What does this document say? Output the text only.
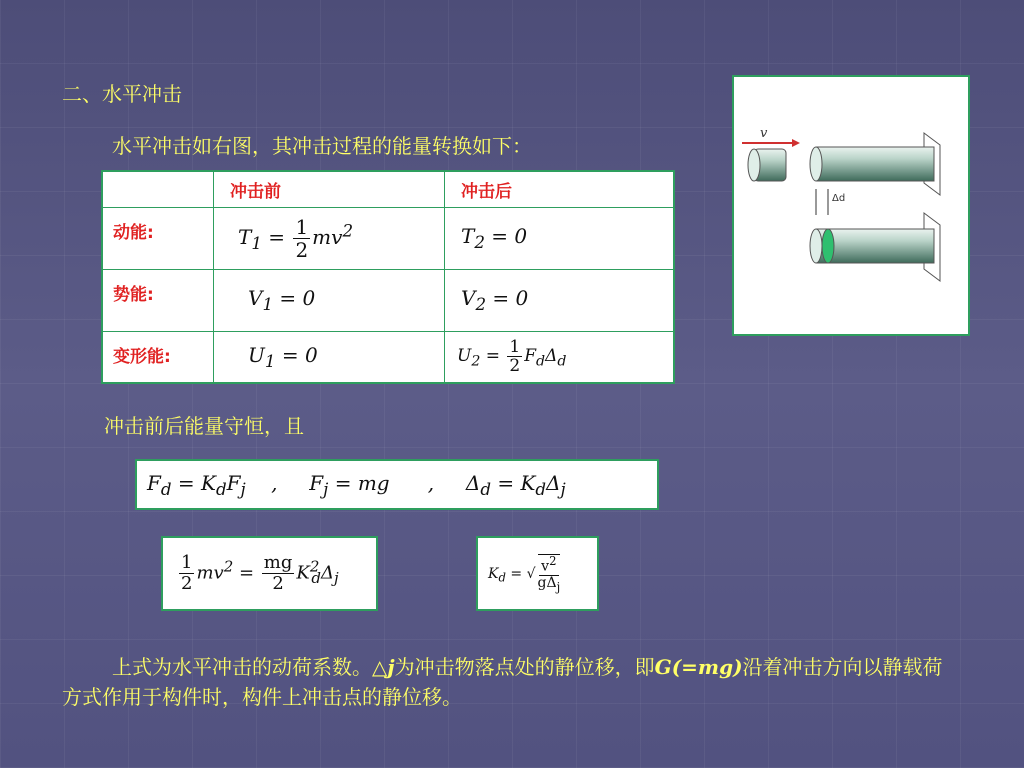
二、水平冲击
水平冲击如右图，其冲击过程的能量转换如下：
	冲击前	冲击后
动能:	$T_1 = \frac{1}{2} mv^2$	$T_2 = 0$
势能:	$V_1 = 0$	$V_2 = 0$
变形能:	$U_1 = 0$	$U_2 = \frac{1}{2} F_d\Delta_d$
v
Δd
冲击前后能量守恒，且
$F_d = K_dF_j$    ,     $F_j$ = mg      ,     $\Delta_d = K_d\Delta_j$
$\frac{1}{2} mv^2 = \frac{mg}{2} K^2_d\Delta_j$	$K_d$ = √ $\frac{v^2}{g\Delta_j}$
上式为水平冲击的动荷系数。△j为冲击物落点处的静位移，即G(=mg)沿着冲击方向以静载荷方式作用于构件时，构件上冲击点的静位移。
